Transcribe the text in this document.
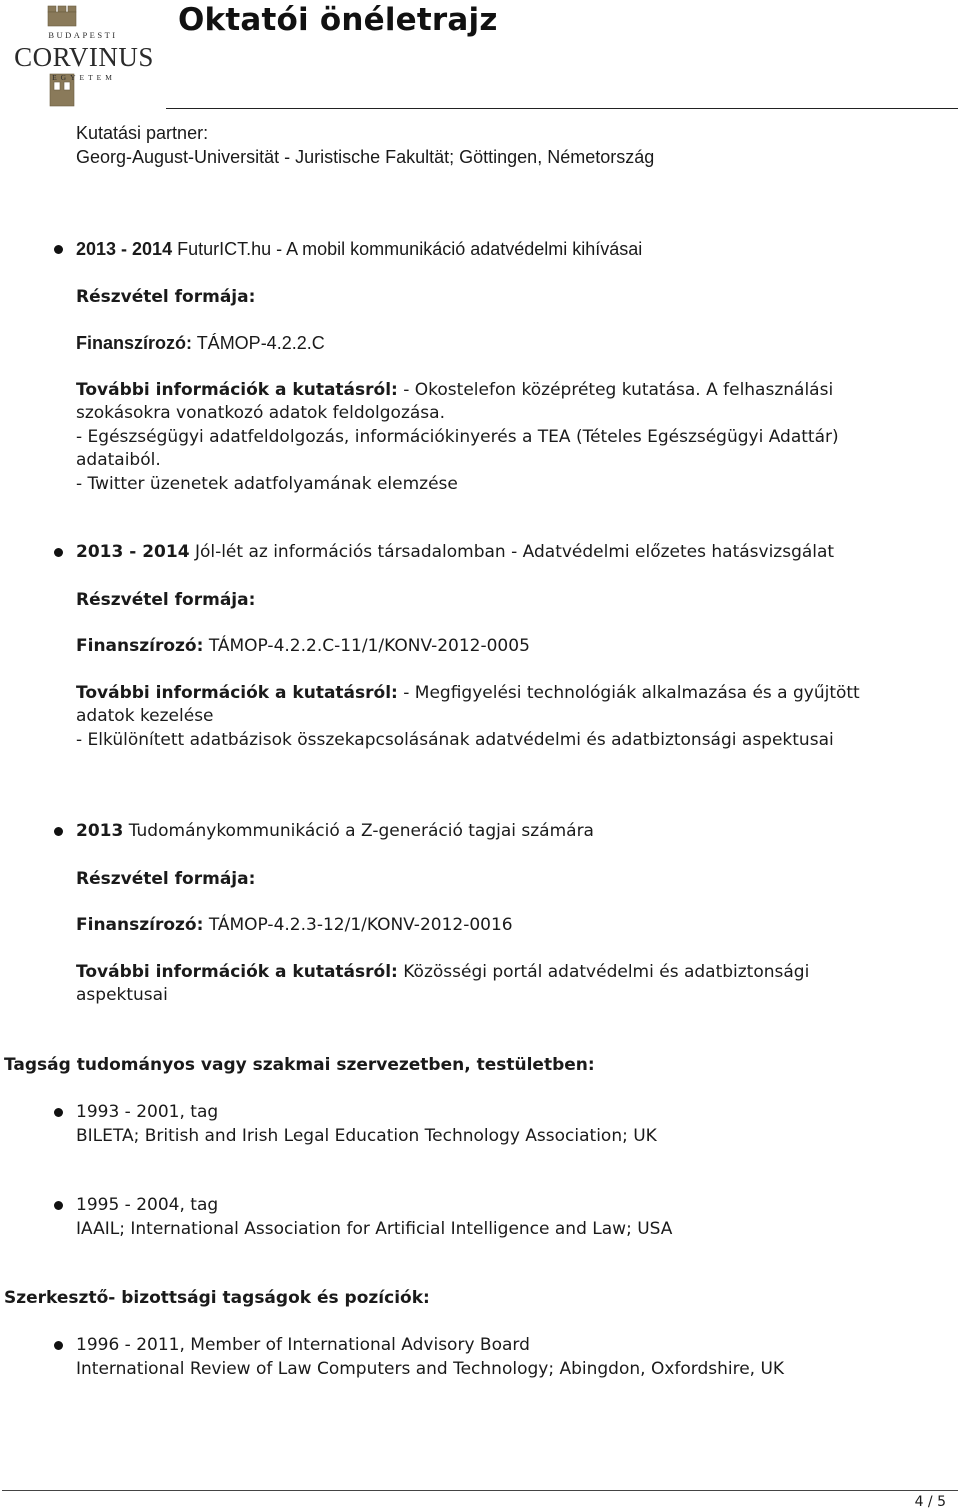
BUDAPESTI
CORVINUS
EGYETEM
Oktatói önéletrajz
Kutatási partner:
Georg-August-Universität - Juristische Fakultät; Göttingen, Németország
2013 - 2014 FuturICT.hu - A mobil kommunikáció adatvédelmi kihívásai
Részvétel formája:
Finanszírozó: TÁMOP-4.2.2.C
További információk a kutatásról: - Okostelefon középréteg kutatása. A felhasználási
szokásokra vonatkozó adatok feldolgozása.
- Egészségügyi adatfeldolgozás, információkinyerés a TEA (Tételes Egészségügyi Adattár)
adataiból.
- Twitter üzenetek adatfolyamának elemzése
2013 - 2014 Jól-lét az információs társadalomban - Adatvédelmi előzetes hatásvizsgálat
Részvétel formája:
Finanszírozó: TÁMOP-4.2.2.C-11/1/KONV-2012-0005
További információk a kutatásról: - Megfigyelési technológiák alkalmazása és a gyűjtött
adatok kezelése
- Elkülönített adatbázisok összekapcsolásának adatvédelmi és adatbiztonsági aspektusai
2013 Tudománykommunikáció a Z-generáció tagjai számára
Részvétel formája:
Finanszírozó: TÁMOP-4.2.3-12/1/KONV-2012-0016
További információk a kutatásról: Közösségi portál adatvédelmi és adatbiztonsági
aspektusai
Tagság tudományos vagy szakmai szervezetben, testületben:
1993 - 2001, tag
BILETA; British and Irish Legal Education Technology Association; UK
1995 - 2004, tag
IAAIL; International Association for Artificial Intelligence and Law; USA
Szerkesztő- bizottsági tagságok és pozíciók:
1996 - 2011, Member of International Advisory Board
International Review of Law Computers and Technology; Abingdon, Oxfordshire, UK
4 / 5
